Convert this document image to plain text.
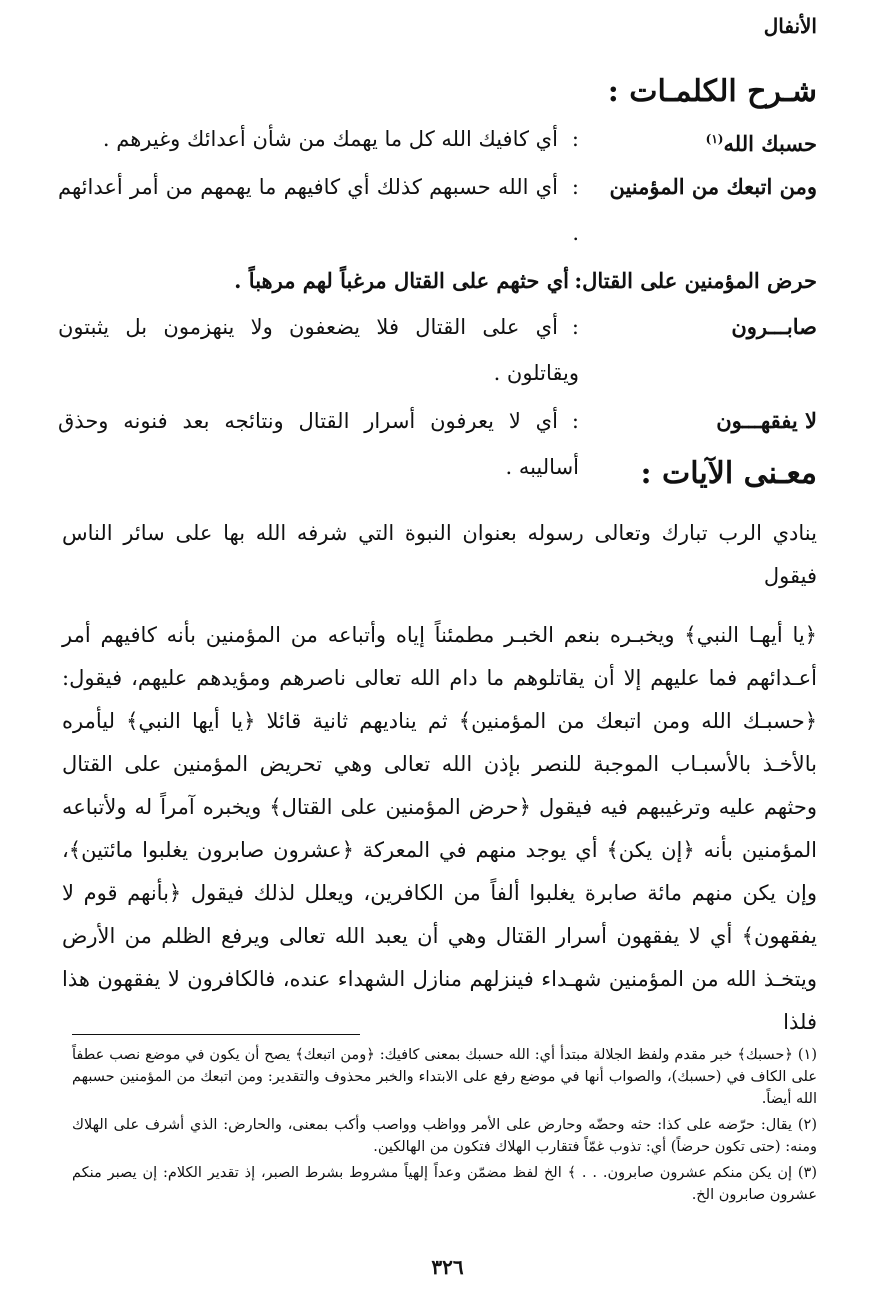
الأنفال
شـرح الكلمـات :
حسبك الله$^{(١)}$
:أي كافيك الله كل ما يهمك من شأن أعدائك وغيرهم .
ومن اتبعك من المؤمنين
:أي الله حسبهم كذلك أي كافيهم ما يهمهم من أمر أعدائهم .
حرض المؤمنين على القتال:
أي حثهم على القتال مرغباً لهم مرهباً .
صابـــرون
:أي على القتال فلا يضعفون ولا ينهزمون بل يثبتون ويقاتلون .
لا يفقهـــون
:أي لا يعرفون أسرار القتال ونتائجه بعد فنونه وحذق أساليبه . معـنى الآيات :

ينادي الرب تبارك وتعالى رسوله بعنوان النبوة التي شرفه الله بها على سائر الناس فيقول

﴿يا أيهـا النبي﴾ ويخبـره بنعم الخبـر مطمئناً إياه وأتباعه من المؤمنين بأنه كافيهم أمر أعـدائهم فما عليهم إلا أن يقاتلوهم ما دام الله تعالى ناصرهم ومؤيدهم عليهم، فيقول: ﴿حسبـك الله ومن اتبعك من المؤمنين﴾ ثم يناديهم ثانية قائلا ﴿يا أيها النبي﴾ ليأمره بالأخـذ بالأسبـاب الموجبة للنصر بإذن الله تعالى وهي تحريض المؤمنين على القتال وحثهم عليه وترغيبهم فيه فيقول ﴿حرض المؤمنين على القتال﴾ ويخبره آمراً له ولأتباعه المؤمنين بأنه ﴿إن يكن﴾ أي يوجد منهم في المعركة ﴿عشرون صابرون يغلبوا مائتين﴾، وإن يكن منهم مائة صابرة يغلبوا ألفاً من الكافرين، ويعلل لذلك فيقول ﴿بأنهم قوم لا يفقهون﴾ أي لا يفقهون أسرار القتال وهي أن يعبد الله تعالى ويرفع الظلم من الأرض ويتخـذ الله من المؤمنين شهـداء فينزلهم منازل الشهداء عنده، فالكافرون لا يفقهون هذا فلذا

(١) ﴿حسبك﴾ خبر مقدم ولفظ الجلالة مبتدأ أي: الله حسبك بمعنى كافيك: ﴿ومن اتبعك﴾ يصح أن يكون في موضع نصب عطفاً على الكاف في (حسبك)، والصواب أنها في موضع رفع على الابتداء والخبر محذوف والتقدير: ومن اتبعك من المؤمنين حسبهم الله أيضاً.

(٢) يقال: حرّضه على كذا: حثه وحضّه وحارض على الأمر وواظب وواصب وأكب بمعنى، والحارض: الذي أشرف على الهلاك ومنه: (حتى تكون حرضاً) أي: تذوب غمّاً فتقارب الهلاك فتكون من الهالكين.

(٣) إن يكن منكم عشرون صابرون. . . ﴾ الخ لفظ مضمّن وعداً إلهياً مشروط بشرط الصبر، إذ تقدير الكلام: إن يصبر منكم عشرون صابرون الخ.

٣٢٦
